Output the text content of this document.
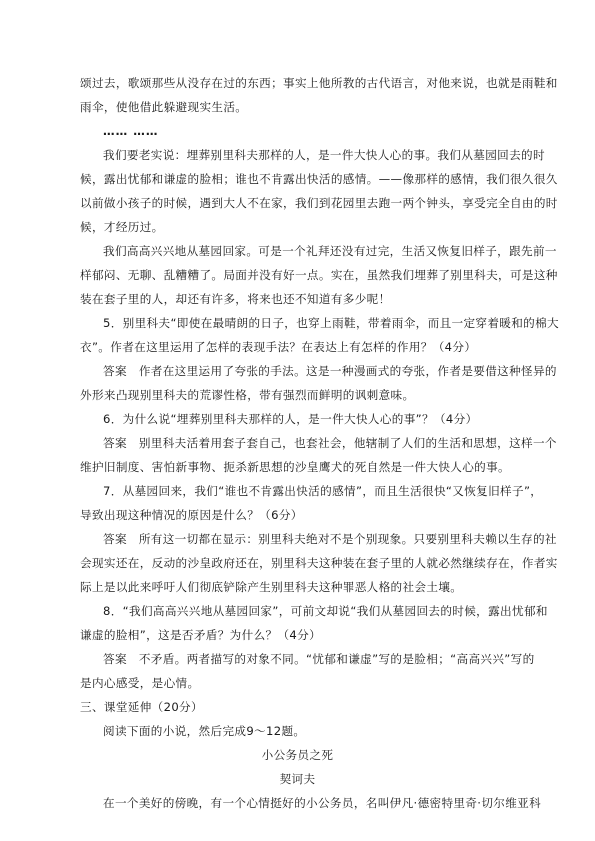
颂过去，歌颂那些从没存在过的东西；事实上他所教的古代语言，对他来说，也就是雨鞋和
雨伞，使他借此躲避现实生活。
…… ……
我们要老实说：埋葬别里科夫那样的人，是一件大快人心的事。我们从墓园回去的时
候，露出忧郁和谦虚的脸相；谁也不肯露出快活的感情。——像那样的感情，我们很久很久
以前做小孩子的时候，遇到大人不在家，我们到花园里去跑一两个钟头，享受完全自由的时
候，才经历过。
我们高高兴兴地从墓园回家。可是一个礼拜还没有过完，生活又恢复旧样子，跟先前一
样郁闷、无聊、乱糟糟了。局面并没有好一点。实在，虽然我们埋葬了别里科夫，可是这种
装在套子里的人，却还有许多，将来也还不知道有多少呢！
5．别里科夫“即使在最晴朗的日子，也穿上雨鞋，带着雨伞，而且一定穿着暖和的棉大
衣”。作者在这里运用了怎样的表现手法？在表达上有怎样的作用？（4分）
答案　作者在这里运用了夸张的手法。这是一种漫画式的夸张，作者是要借这种怪异的
外形来凸现别里科夫的荒谬性格，带有强烈而鲜明的讽刺意味。
6．为什么说“埋葬别里科夫那样的人，是一件大快人心的事”？（4分）
答案　别里科夫活着用套子套自己，也套社会，他辖制了人们的生活和思想，这样一个
维护旧制度、害怕新事物、扼杀新思想的沙皇鹰犬的死自然是一件大快人心的事。
7．从墓园回来，我们“谁也不肯露出快活的感情”，而且生活很快“又恢复旧样子”，
导致出现这种情况的原因是什么？（6分）
答案　所有这一切都在显示：别里科夫绝对不是个别现象。只要别里科夫赖以生存的社
会现实还在，反动的沙皇政府还在，别里科夫这种装在套子里的人就必然继续存在，作者实
际上是以此来呼吁人们彻底铲除产生别里科夫这种罪恶人格的社会土壤。
8．“我们高高兴兴地从墓园回家”，可前文却说“我们从墓园回去的时候，露出忧郁和
谦虚的脸相”，这是否矛盾？为什么？（4分）
答案　不矛盾。两者描写的对象不同。“忧郁和谦虚”写的是脸相；“高高兴兴”写的
是内心感受，是心情。
三、课堂延伸（20分）
阅读下面的小说，然后完成9～12题。
小公务员之死
契诃夫
在一个美好的傍晚，有一个心情挺好的小公务员，名叫伊凡·德密特里奇·切尔维亚科
